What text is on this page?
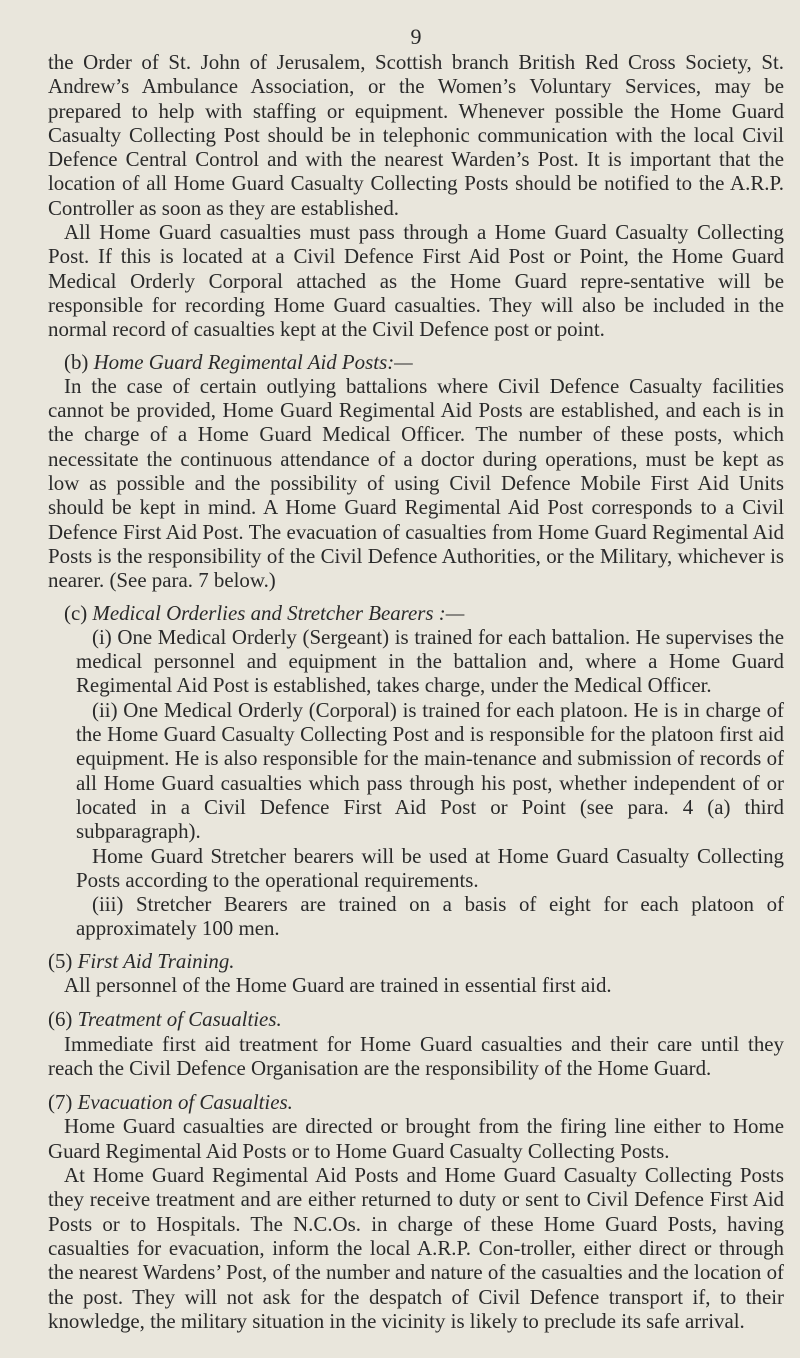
9

the Order of St. John of Jerusalem, Scottish branch British Red Cross Society, St. Andrew’s Ambulance Association, or the Women’s Voluntary Services, may be prepared to help with staffing or equipment. Whenever possible the Home Guard Casualty Collecting Post should be in telephonic communication with the local Civil Defence Central Control and with the nearest Warden’s Post. It is important that the location of all Home Guard Casualty Collecting Posts should be notified to the A.R.P. Controller as soon as they are established.

All Home Guard casualties must pass through a Home Guard Casualty Collecting Post. If this is located at a Civil Defence First Aid Post or Point, the Home Guard Medical Orderly Corporal attached as the Home Guard repre-sentative will be responsible for recording Home Guard casualties. They will also be included in the normal record of casualties kept at the Civil Defence post or point.

(b) Home Guard Regimental Aid Posts:—

In the case of certain outlying battalions where Civil Defence Casualty facilities cannot be provided, Home Guard Regimental Aid Posts are established, and each is in the charge of a Home Guard Medical Officer. The number of these posts, which necessitate the continuous attendance of a doctor during operations, must be kept as low as possible and the possibility of using Civil Defence Mobile First Aid Units should be kept in mind. A Home Guard Regimental Aid Post corresponds to a Civil Defence First Aid Post. The evacuation of casualties from Home Guard Regimental Aid Posts is the responsibility of the Civil Defence Authorities, or the Military, whichever is nearer. (See para. 7 below.)

(c) Medical Orderlies and Stretcher Bearers :—

(i) One Medical Orderly (Sergeant) is trained for each battalion. He supervises the medical personnel and equipment in the battalion and, where a Home Guard Regimental Aid Post is established, takes charge, under the Medical Officer.

(ii) One Medical Orderly (Corporal) is trained for each platoon. He is in charge of the Home Guard Casualty Collecting Post and is responsible for the platoon first aid equipment. He is also responsible for the main-tenance and submission of records of all Home Guard casualties which pass through his post, whether independent of or located in a Civil Defence First Aid Post or Point (see para. 4 (a) third subparagraph).

Home Guard Stretcher bearers will be used at Home Guard Casualty Collecting Posts according to the operational requirements.

(iii) Stretcher Bearers are trained on a basis of eight for each platoon of approximately 100 men.

(5) First Aid Training.

All personnel of the Home Guard are trained in essential first aid.

(6) Treatment of Casualties.

Immediate first aid treatment for Home Guard casualties and their care until they reach the Civil Defence Organisation are the responsibility of the Home Guard.

(7) Evacuation of Casualties.

Home Guard casualties are directed or brought from the firing line either to Home Guard Regimental Aid Posts or to Home Guard Casualty Collecting Posts.

At Home Guard Regimental Aid Posts and Home Guard Casualty Collecting Posts they receive treatment and are either returned to duty or sent to Civil Defence First Aid Posts or to Hospitals. The N.C.Os. in charge of these Home Guard Posts, having casualties for evacuation, inform the local A.R.P. Con-troller, either direct or through the nearest Wardens’ Post, of the number and nature of the casualties and the location of the post. They will not ask for the despatch of Civil Defence transport if, to their knowledge, the military situation in the vicinity is likely to preclude its safe arrival.
